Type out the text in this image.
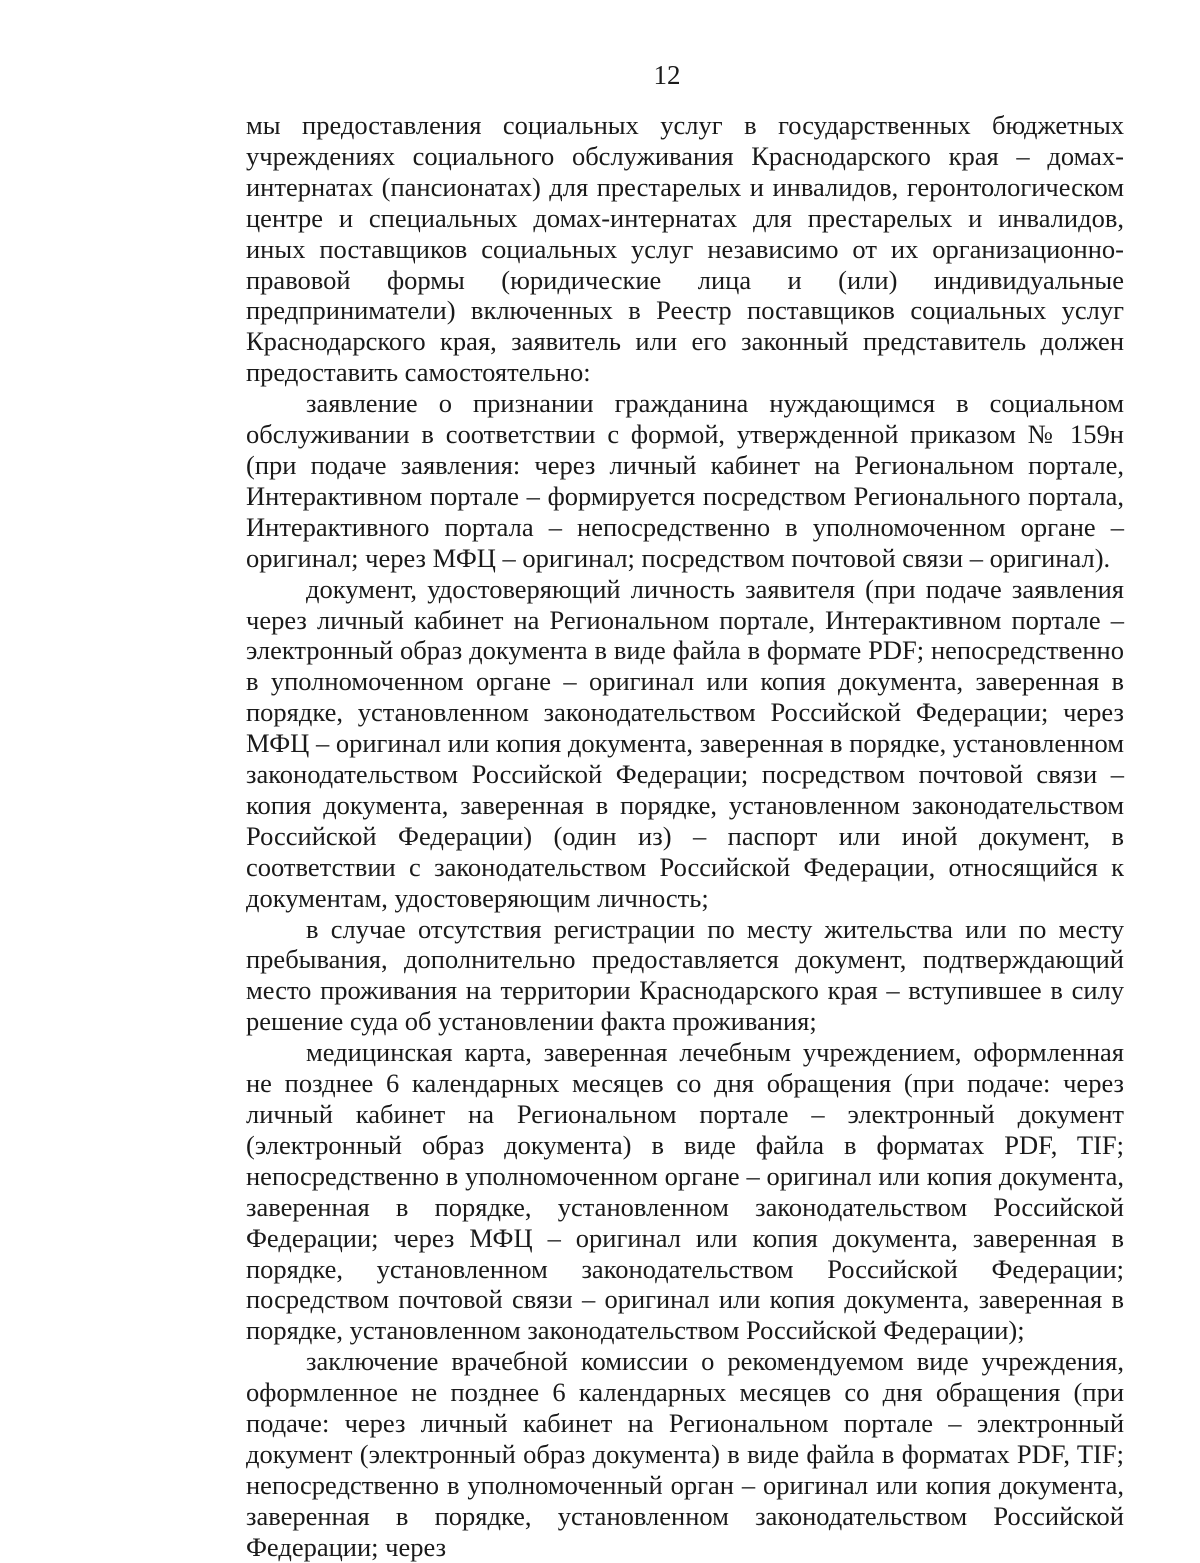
12

мы предоставления социальных услуг в государственных бюджетных учреждениях социального обслуживания Краснодарского края – домах-интернатах (пансионатах) для престарелых и инвалидов, геронтологическом центре и специальных домах-интернатах для престарелых и инвалидов, иных поставщиков социальных услуг независимо от их организационно-правовой формы (юридические лица и (или) индивидуальные предприниматели) включенных в Реестр поставщиков социальных услуг Краснодарского края, заявитель или его законный представитель должен предоставить самостоятельно:

заявление о признании гражданина нуждающимся в социальном обслуживании в соответствии с формой, утвержденной приказом № 159н (при подаче заявления: через личный кабинет на Региональном портале, Интерактивном портале – формируется посредством Регионального портала, Интерактивного портала – непосредственно в уполномоченном органе – оригинал; через МФЦ – оригинал; посредством почтовой связи – оригинал).

документ, удостоверяющий личность заявителя (при подаче заявления через личный кабинет на Региональном портале, Интерактивном портале – электронный образ документа в виде файла в формате PDF; непосредственно в уполномоченном органе – оригинал или копия документа, заверенная в порядке, установленном законодательством Российской Федерации; через МФЦ – оригинал или копия документа, заверенная в порядке, установленном законодательством Российской Федерации; посредством почтовой связи – копия документа, заверенная в порядке, установленном законодательством Российской Федерации) (один из) – паспорт или иной документ, в соответствии с законодательством Российской Федерации, относящийся к документам, удостоверяющим личность;

в случае отсутствия регистрации по месту жительства или по месту пребывания, дополнительно предоставляется документ, подтверждающий место проживания на территории Краснодарского края – вступившее в силу решение суда об установлении факта проживания;

медицинская карта, заверенная лечебным учреждением, оформленная не позднее 6 календарных месяцев со дня обращения (при подаче: через личный кабинет на Региональном портале – электронный документ (электронный образ документа) в виде файла в форматах PDF, TIF; непосредственно в уполномоченном органе – оригинал или копия документа, заверенная в порядке, установленном законодательством Российской Федерации; через МФЦ – оригинал или копия документа, заверенная в порядке, установленном законодательством Российской Федерации; посредством почтовой связи – оригинал или копия документа, заверенная в порядке, установленном законодательством Российской Федерации);

заключение врачебной комиссии о рекомендуемом виде учреждения, оформленное не позднее 6 календарных месяцев со дня обращения (при подаче: через личный кабинет на Региональном портале – электронный документ (электронный образ документа) в виде файла в форматах PDF, TIF; непосредственно в уполномоченный орган – оригинал или копия документа, заверенная в порядке, установленном законодательством Российской Федерации; через
